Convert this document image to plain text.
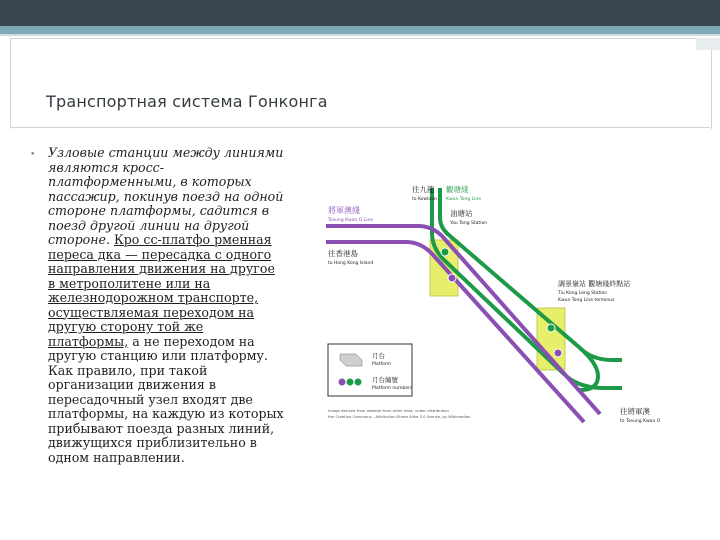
Транспортная система Гонконга
• Узловые станции между линиями являются кросс-платформенными, в которых пассажир, покинув поезд на одной стороне платформы, садится в поезд другой линии на другой стороне. Кро сс-платфо рменная переса дка — пересадка с одного направления движения на другое в метрополитене или на железнодорожном транспорте, осуществляемая переходом на другую сторону той же платформы, а не переходом на другую станцию или платформу. Как правило, при такой организации движения в пересадочный узел входят две платформы, на каждую из которых прибывают поезда разных линий, движущихся приблизительно в одном направлении.
往九龍
to Kowloon
觀塘綫
Kwun Tong Line
將軍澳綫
Tseung Kwan O Line
油塘站
Yau Tong Station
往香港島
to Hong Kong Island
調景嶺站 觀塘綫終點站
Tiu Keng Leng Station
Kwun Tong Line terminus
往將軍澳
to Tseung Kwan O
月台
Platform
月台編號
Platform numbers
Image derived from website from other data, under distribution
the Creative Commons - Attribution-Share Alike 3.0 license, by Wikimedian
